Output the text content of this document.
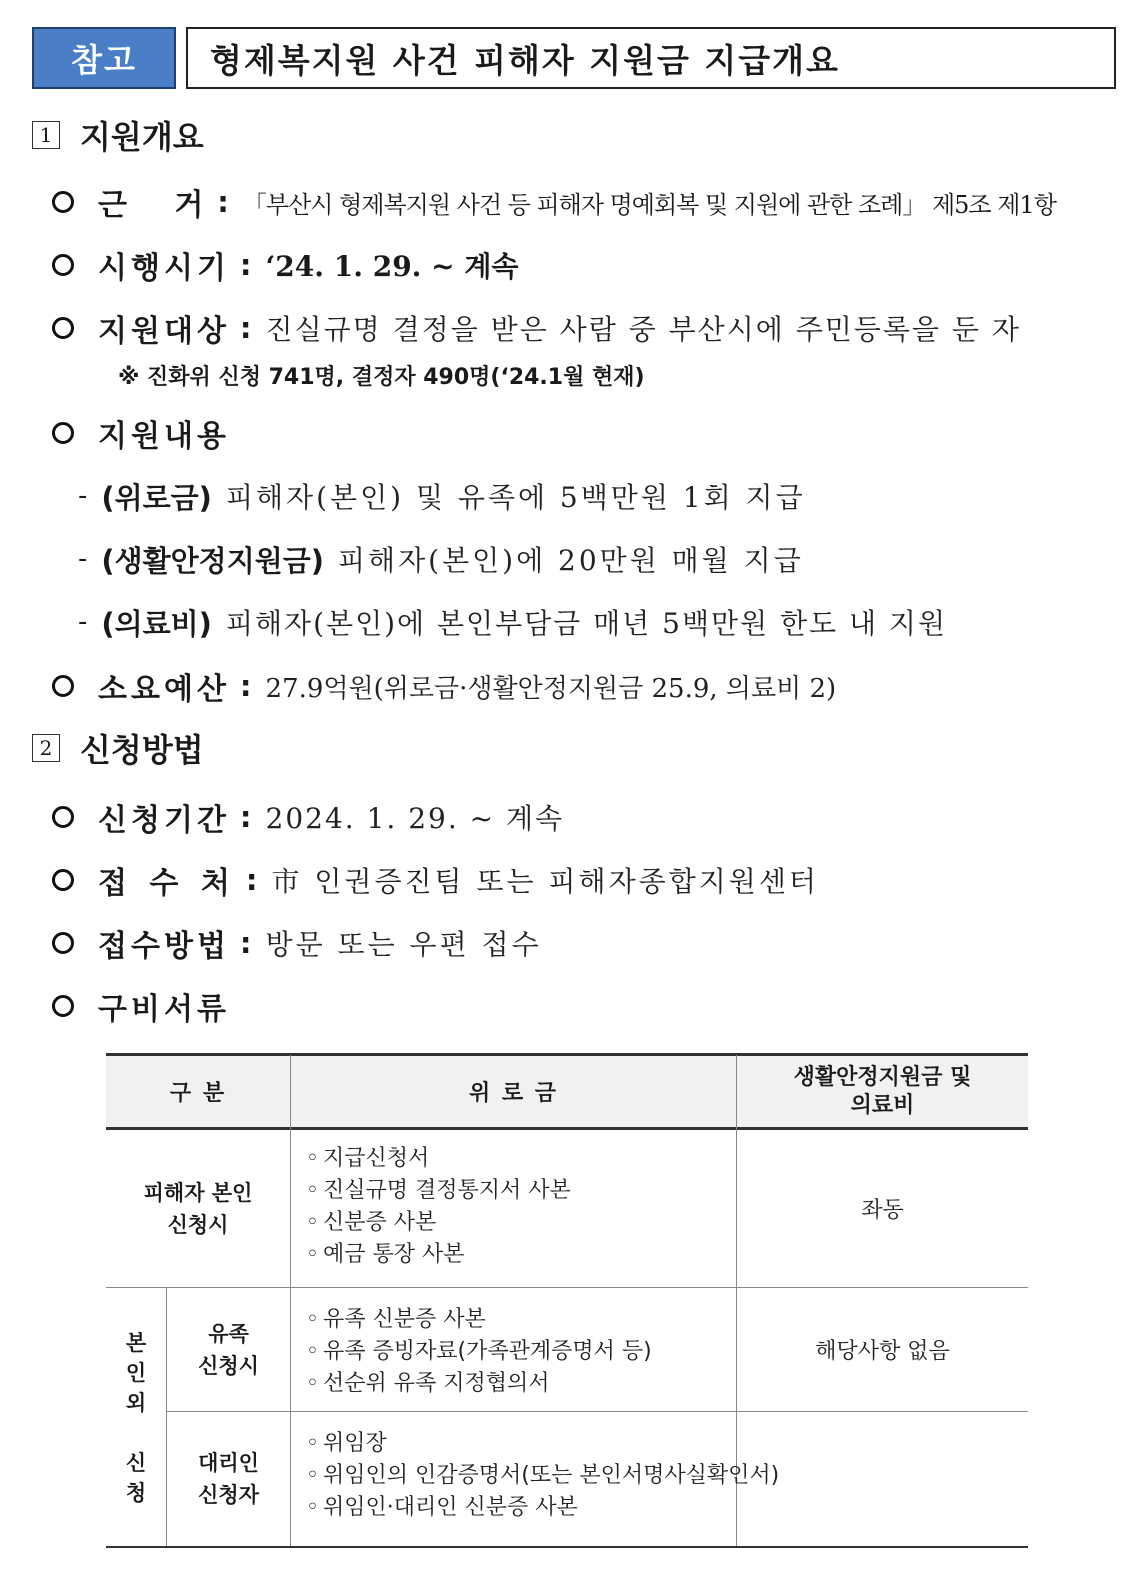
참고	형제복지원 사건 피해자 지원금 지급개요
1 지원개요
근   거 : 「부산시 형제복지원 사건 등 피해자 명예회복 및 지원에 관한 조례」 제5조 제1항
시행시기 : ‘24. 1. 29. ~ 계속
지원대상 : 진실규명 결정을 받은 사람 중 부산시에 주민등록을 둔 자
※ 진화위 신청 741명, 결정자 490명(‘24.1월 현재)
지원내용
- (위로금) 피해자(본인) 및 유족에 5백만원 1회 지급
- (생활안정지원금) 피해자(본인)에 20만원 매월 지급
- (의료비) 피해자(본인)에 본인부담금 매년 5백만원 한도 내 지원
소요예산 : 27.9억원(위로금·생활안정지원금 25.9, 의료비 2)
2 신청방법
신청기간 : 2024. 1. 29. ~ 계속
접 수 처 : 市 인권증진팀 또는 피해자종합지원센터
접수방법 : 방문 또는 우편 접수
구비서류
구 분	위 로 금
생활안정지원금 및
의료비
피해자 본인
신청시
◦ 지급신청서
◦ 진실규명 결정통지서 사본
◦ 신분증 사본
◦ 예금 통장 사본
좌동
본
인
외

신
청
유족
신청시
◦ 유족 신분증 사본
◦ 유족 증빙자료(가족관계증명서 등)
◦ 선순위 유족 지정협의서
해당사항 없음
대리인
신청자
◦ 위임장
◦ 위임인의 인감증명서(또는 본인서명사실확인서)
◦ 위임인·대리인 신분증 사본
